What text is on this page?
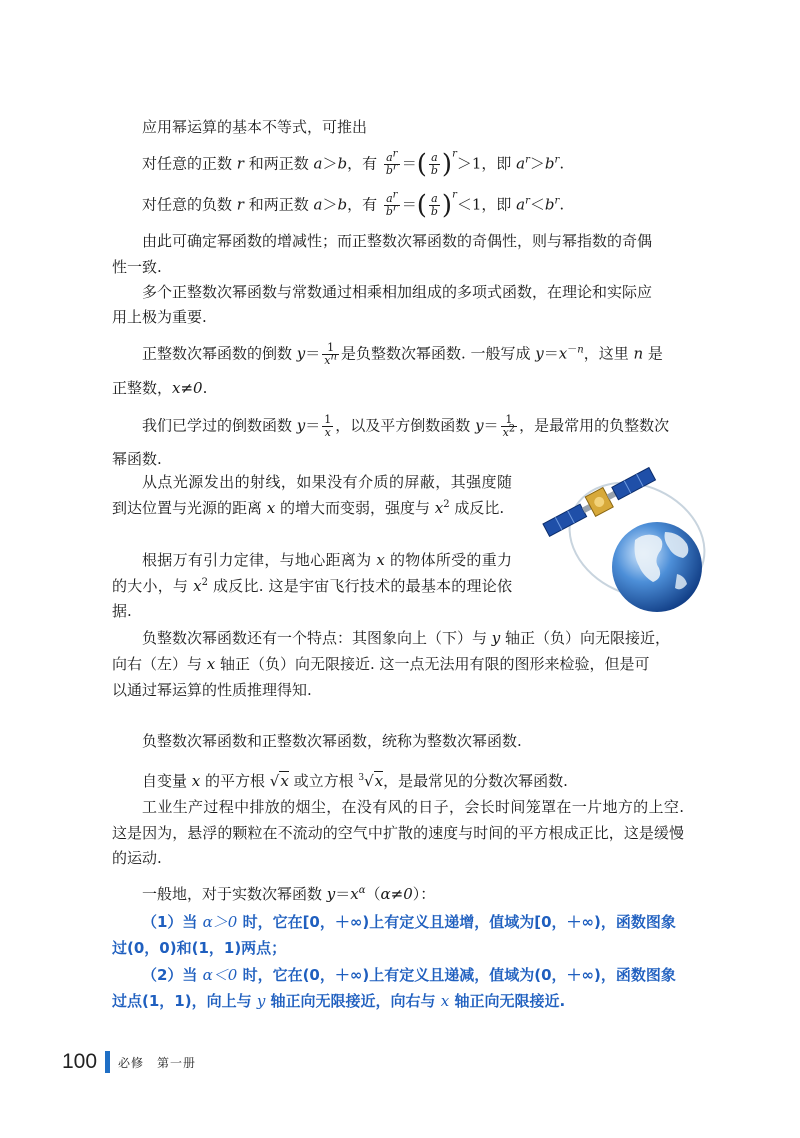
应用幂运算的基本不等式，可推出
对任意的正数 r 和两正数 a＞b，有 $\frac{a^r}{b^r}$ ＝( $\frac{a}{b} )^r>1$，即 $a^r>b^r$.
对任意的负数 r 和两正数 a＞b，有 $\frac{a^r}{b^r}$ ＝( $\frac{a}{b} )^r<1$，即 $a^r<b^r$.
由此可确定幂函数的增减性；而正整数次幂函数的奇偶性，则与幂指数的奇偶
性一致.
多个正整数次幂函数与常数通过相乘相加组成的多项式函数，在理论和实际应
用上极为重要.
正整数次幂函数的倒数 $y= \frac{1}{x^n}$ 是负整数次幂函数. 一般写成 $y=x^{-n}$，这里 n 是
正整数，x≠0.
我们已学过的倒数函数 $y= \frac{1}{x}$ ，以及平方倒数函数 $y= \frac{1}{x^2}$ ，是最常用的负整数次
幂函数.
从点光源发出的射线，如果没有介质的屏蔽，其强度随到达位置与光源的距离 x 的增大而变弱，强度与 $x^2$ 成反比.
根据万有引力定律，与地心距离为 x 的物体所受的重力的大小，与 $x^2$ 成反比. 这是宇宙飞行技术的最基本的理论依据.
负整数次幂函数还有一个特点：其图象向上（下）与 y 轴正（负）向无限接近，
向右（左）与 x 轴正（负）向无限接近. 这一点无法用有限的图形来检验，但是可
以通过幂运算的性质推理得知.
负整数次幂函数和正整数次幂函数，统称为整数次幂函数.
自变量 x 的平方根 √x 或立方根 $^3$√x，是最常见的分数次幂函数.
工业生产过程中排放的烟尘，在没有风的日子，会长时间笼罩在一片地方的上空. 这是因为，悬浮的颗粒在不流动的空气中扩散的速度与时间的平方根成正比，这是缓慢的运动.
一般地，对于实数次幂函数 $y=x^\alpha(\alpha\ne 0)$：
（1）当 α＞0 时，它在[0，＋∞)上有定义且递增，值域为[0，＋∞)，函数图象
过(0，0)和(1，1)两点；
（2）当 α＜0 时，它在(0，＋∞)上有定义且递减，值域为(0，＋∞)，函数图象
过点(1，1)，向上与 y 轴正向无限接近，向右与 x 轴正向无限接近.
100 必修　第一册
